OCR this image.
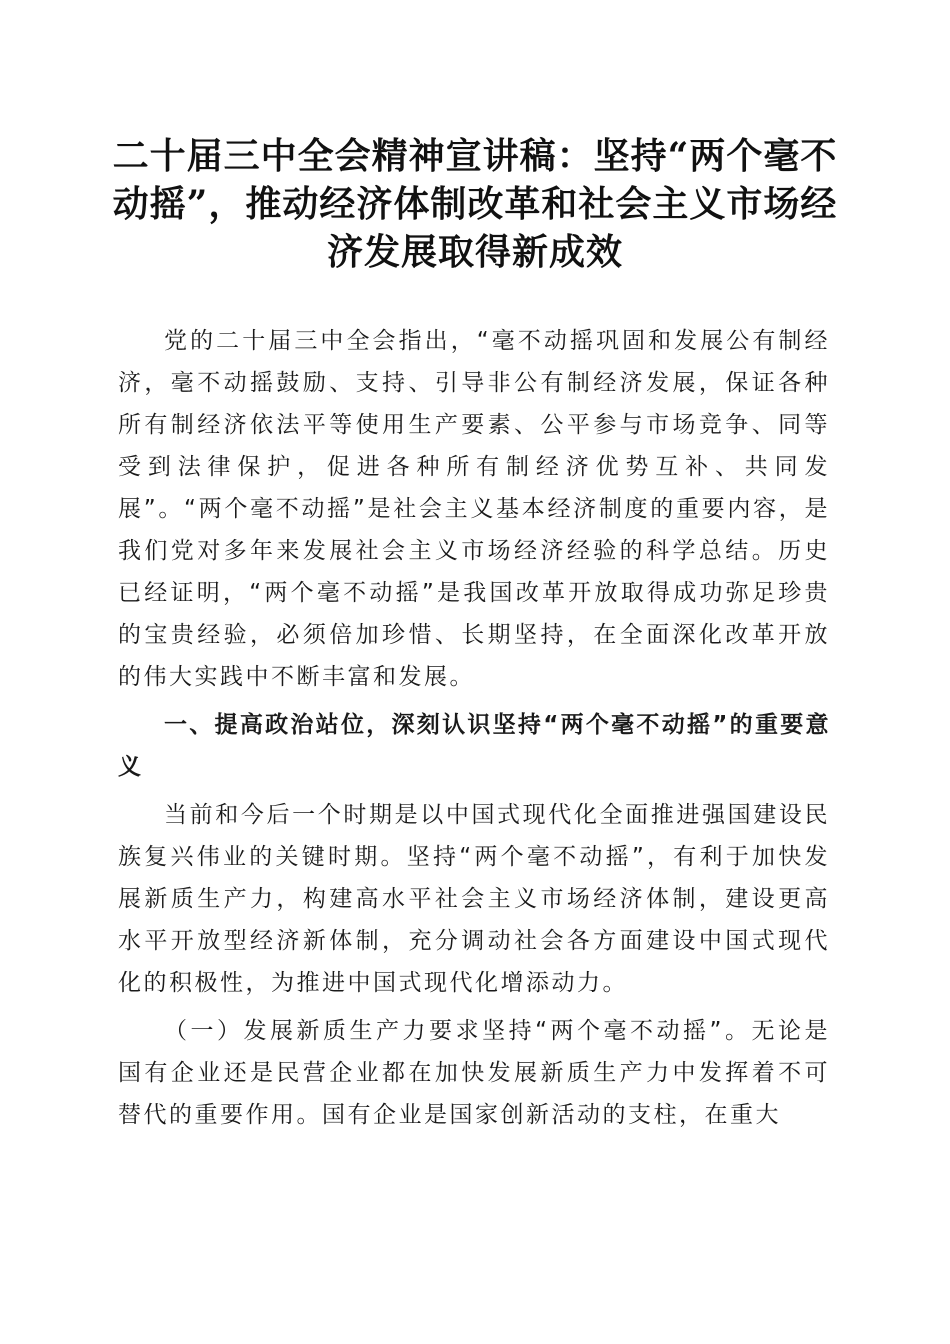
二十届三中全会精神宣讲稿：坚持“两个毫不动摇”，推动经济体制改革和社会主义市场经济发展取得新成效

党的二十届三中全会指出，“毫不动摇巩固和发展公有制经济，毫不动摇鼓励、支持、引导非公有制经济发展，保证各种所有制经济依法平等使用生产要素、公平参与市场竞争、同等受到法律保护，促进各种所有制经济优势互补、共同发展”。“两个毫不动摇”是社会主义基本经济制度的重要内容，是我们党对多年来发展社会主义市场经济经验的科学总结。历史已经证明，“两个毫不动摇”是我国改革开放取得成功弥足珍贵的宝贵经验，必须倍加珍惜、长期坚持，在全面深化改革开放的伟大实践中不断丰富和发展。

一、提高政治站位，深刻认识坚持“两个毫不动摇”的重要意义

当前和今后一个时期是以中国式现代化全面推进强国建设民族复兴伟业的关键时期。坚持“两个毫不动摇”，有利于加快发展新质生产力，构建高水平社会主义市场经济体制，建设更高水平开放型经济新体制，充分调动社会各方面建设中国式现代化的积极性，为推进中国式现代化增添动力。

（一）发展新质生产力要求坚持“两个毫不动摇”。无论是国有企业还是民营企业都在加快发展新质生产力中发挥着不可替代的重要作用。国有企业是国家创新活动的支柱，在重大
